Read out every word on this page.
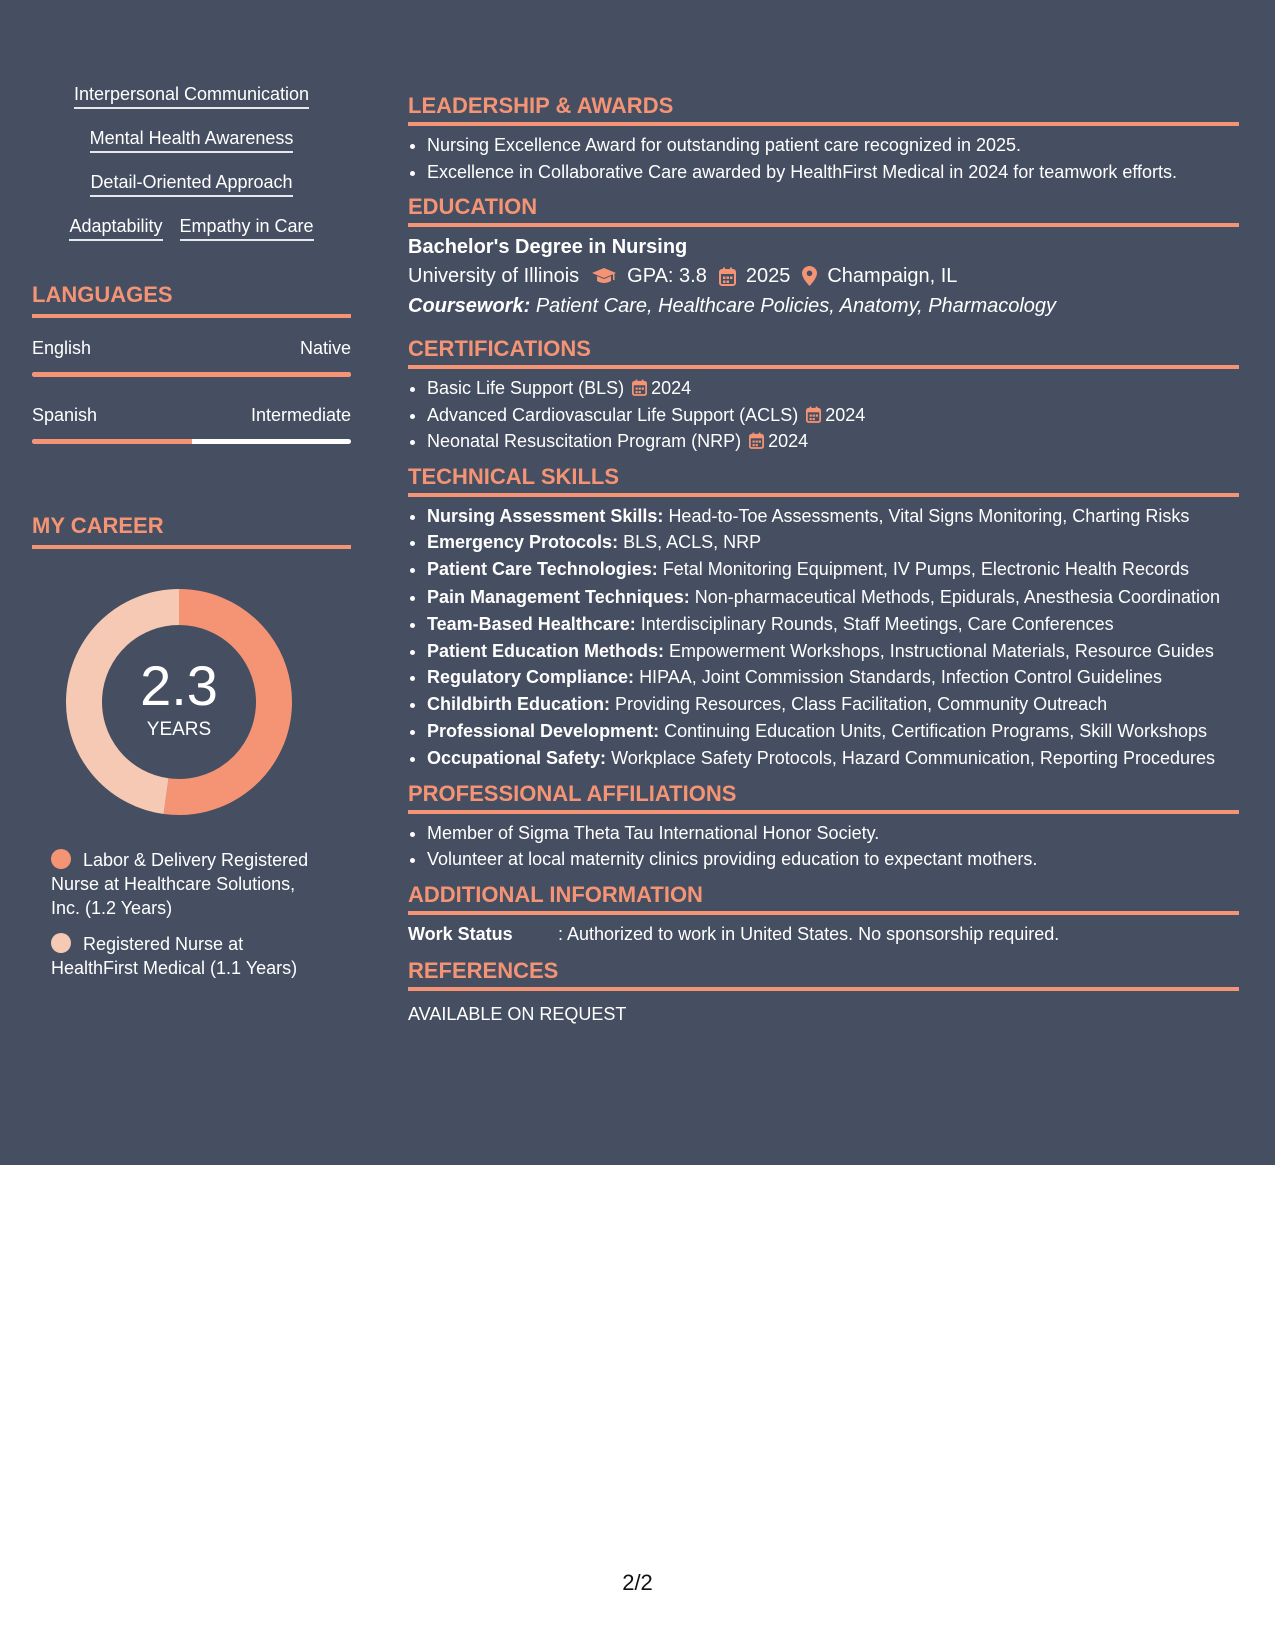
Interpersonal Communication
Mental Health Awareness
Detail-Oriented Approach
Adaptability Empathy in Care
LANGUAGES
English	Native
Spanish	Intermediate
MY CAREER
2.3
YEARS
Labor & Delivery Registered Nurse at Healthcare Solutions, Inc. (1.2 Years)
Registered Nurse at HealthFirst Medical (1.1 Years)
LEADERSHIP & AWARDS
• Nursing Excellence Award for outstanding patient care recognized in 2025.
• Excellence in Collaborative Care awarded by HealthFirst Medical in 2024 for teamwork efforts.
EDUCATION
Bachelor's Degree in Nursing
University of Illinois GPA: 3.8 2025 Champaign, IL
Coursework: Patient Care, Healthcare Policies, Anatomy, Pharmacology
CERTIFICATIONS
• Basic Life Support (BLS) 2024
• Advanced Cardiovascular Life Support (ACLS) 2024
• Neonatal Resuscitation Program (NRP) 2024
TECHNICAL SKILLS
• Nursing Assessment Skills: Head-to-Toe Assessments, Vital Signs Monitoring, Charting Risks
• Emergency Protocols: BLS, ACLS, NRP
• Patient Care Technologies: Fetal Monitoring Equipment, IV Pumps, Electronic Health Records
• Pain Management Techniques: Non-pharmaceutical Methods, Epidurals, Anesthesia Coordination
• Team-Based Healthcare: Interdisciplinary Rounds, Staff Meetings, Care Conferences
• Patient Education Methods: Empowerment Workshops, Instructional Materials, Resource Guides
• Regulatory Compliance: HIPAA, Joint Commission Standards, Infection Control Guidelines
• Childbirth Education: Providing Resources, Class Facilitation, Community Outreach
• Professional Development: Continuing Education Units, Certification Programs, Skill Workshops
• Occupational Safety: Workplace Safety Protocols, Hazard Communication, Reporting Procedures
PROFESSIONAL AFFILIATIONS
• Member of Sigma Theta Tau International Honor Society.
• Volunteer at local maternity clinics providing education to expectant mothers.
ADDITIONAL INFORMATION
Work Status	: Authorized to work in United States. No sponsorship required.
REFERENCES
AVAILABLE ON REQUEST
2/2
